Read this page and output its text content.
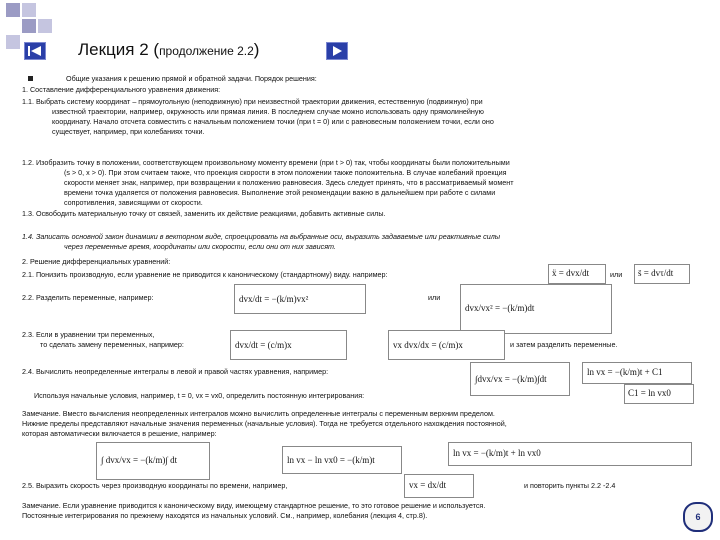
Лекция 2 (продолжение 2.2)
Общие указания к решению прямой и обратной задачи. Порядок решения:
1. Составление дифференциального уравнения движения:
1.1. Выбрать систему координат – прямоугольную (неподвижную) при неизвестной траектории движения, естественную (подвижную) при
известной траектории, например, окружность или прямая линия. В последнем случае можно использовать одну прямолинейную
координату. Начало отсчета совместить с начальным положением точки (при t = 0) или с равновесным положением точки, если оно
существует, например, при колебаниях точки.
1.2. Изобразить точку в положении, соответствующем произвольному моменту времени (при t > 0) так, чтобы координаты были положительными
(s > 0, x > 0). При этом считаем также, что проекция скорости в этом положении также положительна. В случае колебаний проекция
скорости меняет знак, например, при возвращении к положению равновесия. Здесь следует принять, что в рассматриваемый момент
времени точка удаляется от положения равновесия. Выполнение этой рекомендации важно в дальнейшем при работе с силами
сопротивления, зависящими от скорости.
1.3. Освободить материальную точку от связей, заменить их действие реакциями, добавить активные силы.
1.4. Записать основной закон динамики в векторном виде, спроецировать на выбранные оси, выразить задаваемые или реактивные силы
через переменные время, координаты или скорости, если они от них зависят.
2. Решение дифференциальных уравнений:
2.1. Понизить производную, если уравнение не приводится к каноническому (стандартному) виду. например:	ẍ = dvx/dt	или s̈ = dvτ/dt
2.2. Разделить переменные, например:	dvx/dt = −(k/m)vx²	или
dvx/vx² = −(k/m)dt
2.3. Если в уравнении три переменных,
то сделать замену переменных, например:	dvx/dt = (c/m)x	vx dvx/dx = (c/m)x	и затем разделить переменные.
2.4. Вычислить неопределенные интегралы в левой и правой частях уравнения, например:
∫dvx/vx = −(k/m)∫dt
ln vx = −(k/m)t + C1
Используя начальные условия, например, t = 0, vx = vx0, определить постоянную интегрирования:	C1 = ln vx0
Замечание. Вместо вычисления неопределенных интегралов можно вычислить определенные интегралы с переменным верхним пределом.
Нижние пределы представляют начальные значения переменных (начальные условия). Тогда не требуется отдельного нахождения постоянной,
которая автоматически включается в решение, например:
∫ dvx/vx = −(k/m)∫ dt	ln vx − ln vx0 = −(k/m)t
ln vx = −(k/m)t + ln vx0
2.5. Выразить скорость через производную координаты по времени, например,	vx = dx/dt	и повторить пункты 2.2 -2.4
Замечание. Если уравнение приводится к каноническому виду, имеющему стандартное решение, то это готовое решение и используется.
Постоянные интегрирования по прежнему находятся из начальных условий. См., например, колебания (лекция 4, стр.8).	6
